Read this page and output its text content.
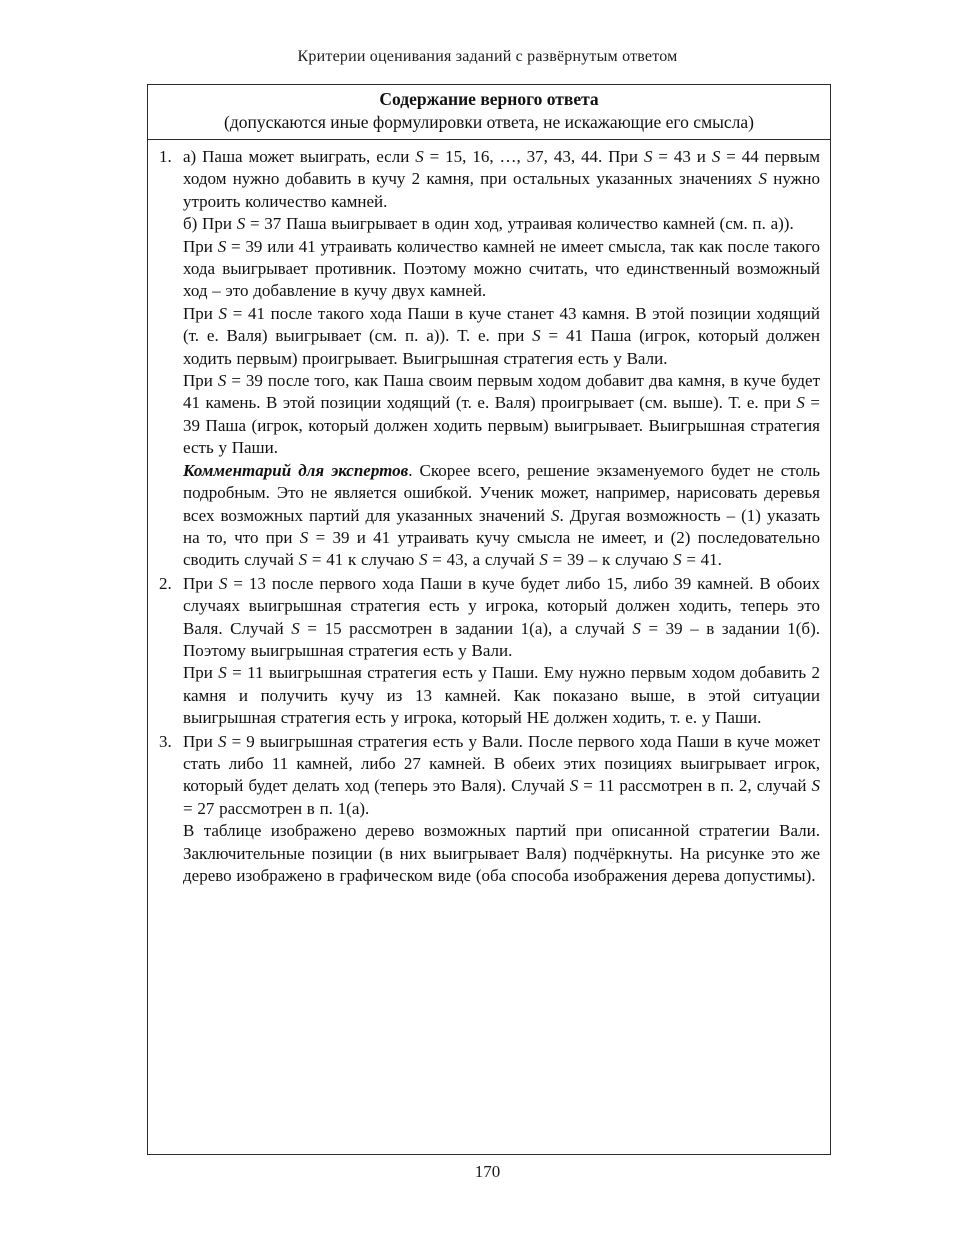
Критерии оценивания заданий с развёрнутым ответом
Содержание верного ответа
(допускаются иные формулировки ответа, не искажающие его смысла)
1. а) Паша может выиграть, если S = 15, 16, …, 37, 43, 44. При S = 43 и S = 44 первым ходом нужно добавить в кучу 2 камня, при остальных указанных значениях S нужно утроить количество камней.

б) При S = 37 Паша выигрывает в один ход, утраивая количество камней (см. п. а)).

При S = 39 или 41 утраивать количество камней не имеет смысла, так как после такого хода выигрывает противник. Поэтому можно считать, что единственный возможный ход – это добавление в кучу двух камней.

При S = 41 после такого хода Паши в куче станет 43 камня. В этой позиции ходящий (т. е. Валя) выигрывает (см. п. а)). Т. е. при S = 41 Паша (игрок, который должен ходить первым) проигрывает. Выигрышная стратегия есть у Вали.

При S = 39 после того, как Паша своим первым ходом добавит два камня, в куче будет 41 камень. В этой позиции ходящий (т. е. Валя) проигрывает (см. выше). Т. е. при S = 39 Паша (игрок, который должен ходить первым) выигрывает. Выигрышная стратегия есть у Паши.

Комментарий для экспертов. Скорее всего, решение экзаменуемого будет не столь подробным. Это не является ошибкой. Ученик может, например, нарисовать деревья всех возможных партий для указанных значений S. Другая возможность – (1) указать на то, что при S = 39 и 41 утраивать кучу смысла не имеет, и (2) последовательно сводить случай S = 41 к случаю S = 43, а случай S = 39 – к случаю S = 41.

2. При S = 13 после первого хода Паши в куче будет либо 15, либо 39 камней. В обоих случаях выигрышная стратегия есть у игрока, который должен ходить, теперь это Валя. Случай S = 15 рассмотрен в задании 1(а), а случай S = 39 – в задании 1(б). Поэтому выигрышная стратегия есть у Вали.

При S = 11 выигрышная стратегия есть у Паши. Ему нужно первым ходом добавить 2 камня и получить кучу из 13 камней. Как показано выше, в этой ситуации выигрышная стратегия есть у игрока, который НЕ должен ходить, т. е. у Паши.

3. При S = 9 выигрышная стратегия есть у Вали. После первого хода Паши в куче может стать либо 11 камней, либо 27 камней. В обеих этих позициях выигрывает игрок, который будет делать ход (теперь это Валя). Случай S = 11 рассмотрен в п. 2, случай S = 27 рассмотрен в п. 1(а).

В таблице изображено дерево возможных партий при описанной стратегии Вали. Заключительные позиции (в них выигрывает Валя) подчёркнуты. На рисунке это же дерево изображено в графическом виде (оба способа изображения дерева допустимы).

170
